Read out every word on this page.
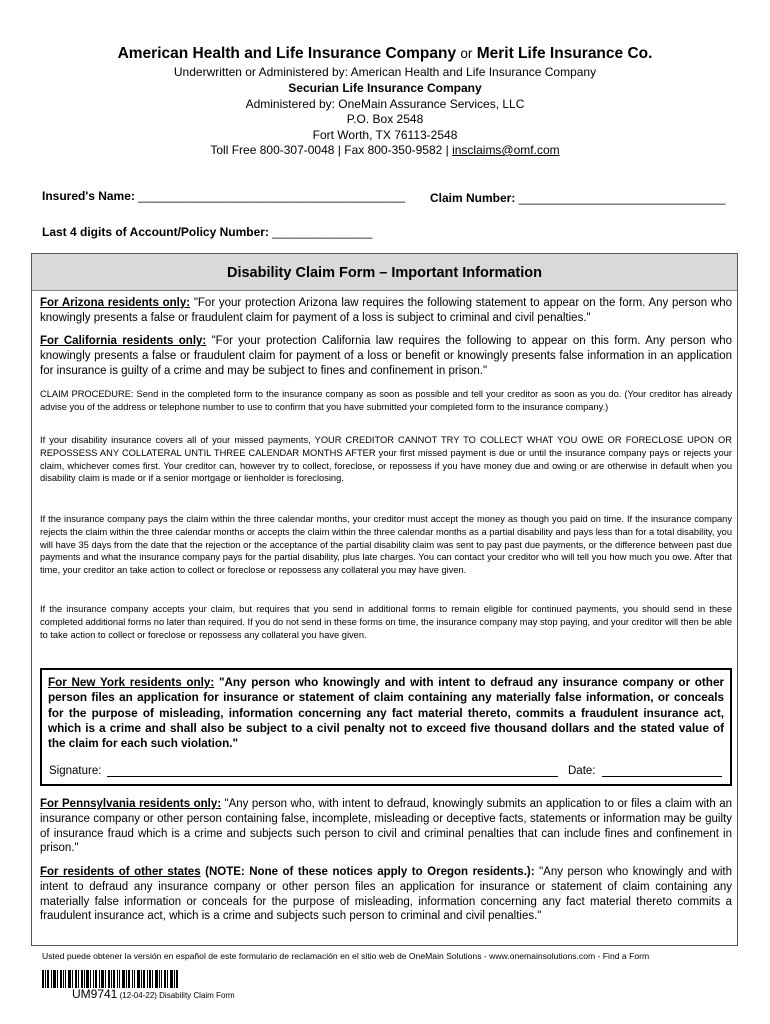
American Health and Life Insurance Company or Merit Life Insurance Co.
Underwritten or Administered by: American Health and Life Insurance Company
Securian Life Insurance Company
Administered by: OneMain Assurance Services, LLC
P.O. Box 2548
Fort Worth, TX 76113-2548
Toll Free 800-307-0048 | Fax 800-350-9582 | insclaims@omf.com
Insured's Name: ________________________________________ Claim Number: _______________________________
Last 4 digits of Account/Policy Number: _______________
Disability Claim Form – Important Information

For Arizona residents only: "For your protection Arizona law requires the following statement to appear on the form. Any person who knowingly presents a false or fraudulent claim for payment of a loss is subject to criminal and civil penalties."

For California residents only: "For your protection California law requires the following to appear on this form. Any person who knowingly presents a false or fraudulent claim for payment of a loss or benefit or knowingly presents false information in an application for insurance is guilty of a crime and may be subject to fines and confinement in prison."

CLAIM PROCEDURE: Send in the completed form to the insurance company as soon as possible and tell your creditor as soon as you do. (Your creditor has already advise you of the address or telephone number to use to confirm that you have submitted your completed form to the insurance company.)

If your disability insurance covers all of your missed payments, YOUR CREDITOR CANNOT TRY TO COLLECT WHAT YOU OWE OR FORECLOSE UPON OR REPOSSESS ANY COLLATERAL UNTIL THREE CALENDAR MONTHS AFTER your first missed payment is due or until the insurance company pays or rejects your claim, whichever comes first. Your creditor can, however try to collect, foreclose, or repossess if you have money due and owing or are otherwise in default when you disability claim is made or if a senior mortgage or lienholder is foreclosing.

If the insurance company pays the claim within the three calendar months, your creditor must accept the money as though you paid on time. If the insurance company rejects the claim within the three calendar months or accepts the claim within the three calendar months as a partial disability and pays less than for a total disability, you will have 35 days from the date that the rejection or the acceptance of the partial disability claim was sent to pay past due payments, or the difference between past due payments and what the insurance company pays for the partial disability, plus late charges. You can contact your creditor who will tell you how much you owe. After that time, your creditor an take action to collect or foreclose or repossess any collateral you may have given.

If the insurance company accepts your claim, but requires that you send in additional forms to remain eligible for continued payments, you should send in these completed additional forms no later than required. If you do not send in these forms on time, the insurance company may stop paying, and your creditor will then be able to take action to collect or foreclose or repossess any collateral you have given.

For New York residents only: "Any person who knowingly and with intent to defraud any insurance company or other person files an application for insurance or statement of claim containing any materially false information, or conceals for the purpose of misleading, information concerning any fact material thereto, commits a fraudulent insurance act, which is a crime and shall also be subject to a civil penalty not to exceed five thousand dollars and the stated value of the claim for each such violation."

Signature:	Date:

For Pennsylvania residents only: "Any person who, with intent to defraud, knowingly submits an application to or files a claim with an insurance company or other person containing false, incomplete, misleading or deceptive facts, statements or information may be guilty of insurance fraud which is a crime and subjects such person to civil and criminal penalties that can include fines and confinement in prison."

For residents of other states (NOTE: None of these notices apply to Oregon residents.): "Any person who knowingly and with intent to defraud any insurance company or other person files an application for insurance or statement of claim containing any materially false information or conceals for the purpose of misleading, information concerning any fact material thereto commits a fraudulent insurance act, which is a crime and subjects such person to criminal and civil penalties."

Usted puede obtener la versión en español de este formulario de reclamación en el sitio web de OneMain Solutions - www.onemainsolutions.com - Find a Form
UM9741 (12-04-22) Disability Claim Form
